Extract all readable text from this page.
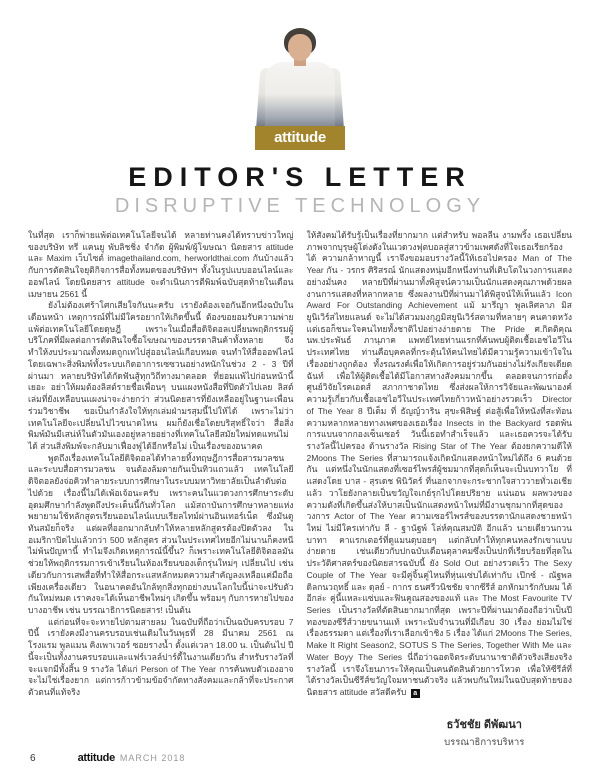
attitude
EDITOR'S LETTER
DISRUPTIVE TECHNOLOGY

ในที่สุด เราก็พ่ายแพ้ต่อเทคโนโลยีจนได้ หลายท่านคงได้ทราบข่าวใหญ่ของบริษัท ทรี แคนยู พับลิชชิ่ง จำกัด ผู้พิมพ์/ผู้โฆษณา นิตยสาร attitude และ Maxim เว็บไซต์ imagethailand.com, herworldthai.com กันบ้างแล้ว กับการตัดสินใจยุติกิจการสื่อทั้งหมดของบริษัทฯ ทั้งในรูปแบบออนไลน์และออฟไลน์ โดยนิตยสาร attitude จะดำเนินการตีพิมพ์ฉบับสุดท้ายในเดือนเมษายน 2561 นี้

ยังไม่ต้องเศร้าโศกเสียใจกันนะครับ เรายังต้องเจอกันอีกหนึ่งฉบับในเดือนหน้า เหตุการณ์ที่ไม่มีใครอยากให้เกิดขึ้นนี้ ต้องขอยอมรับความพ่ายแพ้ต่อเทคโนโลยีโดยดุษฎี เพราะในเมื่อสื่อดิจิตอลเปลี่ยนพฤติกรรมผู้บริโภคที่มีผลต่อการตัดสินใจซื้อโฆษณาของบรรดาสินค้าทั้งหลาย จึงทำให้งบประมาณทั้งหมดถูกเทไปสู่ออนไลน์เกือบหมด จนทำให้สื่อออฟไลน์ โดยเฉพาะสิ่งพิมพ์ทั้งระบบเกิดอาการเซซวนอย่างหนักในช่วง 2 - 3 ปีที่ผ่านมา หลายบริษัทได้กัดฟันสู้ทุกวิถีทางมาตลอด ที่ยอมแพ้ไปก่อนหน้านี้เยอะ อย่าให้ผมต้องลิสต์รายชื่อเพื่อนๆ บนแผงหนังสือที่ปิดตัวไปเลย ลิสต์เล่มที่ยังเหลือบนแผงน่าจะง่ายกว่า ส่วนนิตยสารที่ยังเหลืออยู่ในฐานะเพื่อนร่วมวิชาชีพ ขอเป็นกำลังใจให้ทุกเล่มฝ่ามรสุมนี้ไปให้ได้ เพราะไม่ว่าเทคโนโลยีจะเปลี่ยนไปไวขนาดไหน ผมก็ยังเชื่อโดยบริสุทธิ์ใจว่า สื่อสิ่งพิมพ์มันมีเสน่ห์ในตัวมันเองอยู่หลายอย่างที่เทคโนโลยีสมัยใหม่ทดแทนไม่ได้ ส่วนสิ่งพิมพ์จะกลับมาเฟื่องฟูได้อีกหรือไม่ เป็นเรื่องของอนาคต

พูดถึงเรื่องเทคโนโลยีดิจิตอลได้ทำลายทิ้งทฤษฎีการสื่อสารมวลชน และระบบสื่อสารมวลชน จนต้องล้มตายกันเป็นทิวแถวแล้ว เทคโนโลยีดิจิตอลยังจ่อคิวทำลายระบบการศึกษาในระบบมหาวิทยาลัยเป็นลำดับต่อไปด้วย เรื่องนี้ไม่ได้เพ้อเจ้อนะครับ เพราะคนในแวดวงการศึกษาระดับอุดมศึกษากำลังพูดถึงประเด็นนี้กันทั่วโลก แม้สถาบันการศึกษาหลายแห่งพยายามใช้หลักสูตรเรียนออนไลน์แบบเรียลไทม์ผ่านอินเทอร์เน็ต ซึ่งมันดูทันสมัยก็จริง แต่ผลที่ออกมากลับทำให้หลายหลักสูตรต้องปิดตัวลง ในอเมริกาปิดไปแล้วกว่า 500 หลักสูตร ส่วนในประเทศไทยอีกไม่นานก็คงหนีไม่พ้นปัญหานี้ ทำไมจึงเกิดเหตุการณ์นี้ขึ้น? ก็เพราะเทคโนโลยีดิจิตอลมันช่วยให้พฤติกรรมการเข้าเรียนในห้องเรียนของเด็กรุ่นใหม่ๆ เปลี่ยนไป เช่นเดียวกับการเสพสื่อที่ทำให้สื่อกระแสหลักหมดความสำคัญลงเหลือแค่มือถือเพียงเครื่องเดียว ในอนาคตอันใกล้ทุกสิ่งทุกอย่างบนโลกใบนี้น่าจะปรับตัวกันใหม่หมด เราคงจะได้เห็นอาชีพใหม่ๆ เกิดขึ้น พร้อมๆ กับการหายไปของบางอาชีพ เช่น บรรณาธิการนิตยสาร! เป็นต้น

แต่ก่อนที่จะจะหายไปตามสายลม ในฉบับที่ถือว่าเป็นฉบับครบรอบ 7 ปีนี้ เรายังคงมีงานครบรอบเช่นเดิมในวันพุธที่ 28 มีนาคม 2561 ณ โรงแรม พูลแมน คิงเพาเวอร์ ซอยรางน้ำ ตั้งแต่เวลา 18.00 น. เป็นต้นไป ปีนี้จะเป็นทั้งงานครบรอบและแฟร์เวลล์ปาร์ตี้ในงานเดียวกัน สำหรับรางวัลที่จะแจกมีทั้งสิ้น 9 รางวัล ได้แก่ Person of The Year การค้นพบตัวเองอาจจะไม่ใช่เรื่องยาก แต่การก้าวข้ามข้อจำกัดทางสังคมและกล้าที่จะประกาศตัวตนที่แท้จริง

ให้สังคมได้รับรู้เป็นเรื่องที่ยากมาก แต่สำหรับ พอลลีน งามพริ้ง เธอเปลี่ยนภาพจากบุรุษผู้โด่งดังในแวดวงฟุตบอลสู่สาวข้ามเพศดังที่ใจเธอเรียกร้องได้ ความกล้าหาญนี้ เราจึงขอมอบรางวัลนี้ให้เธอไปครอง Man of The Year กัน - วรกร ศิริสรณ์ นักแสดงหนุ่มอีกหนึ่งท่านที่เติบโตในวงการแสดงอย่างมั่นคง หลายปีที่ผ่านมาทั้งพิสูจน์ความเป็นนักแสดงคุณภาพด้วยผลงานการแสดงที่หลากหลาย ซึ่งผลงานปีที่ผ่านมาได้พิสูจน์ให้เห็นแล้ว Icon Award For Outstanding Achievement แม้ มารีญา พูลเลิศลาภ มิส ยูนิเวิร์สไทยแลนด์ จะไม่ได้สวมมงกุฎมิสยูนิเวิร์สตามที่หลายๆ คนคาดหวัง แต่เธอก็ชนะใจคนไทยทั้งชาติไปอย่างง่ายดาย The Pride ศ.กิตติคุณ นพ.ประพันธ์ ภานุภาค แพทย์ไทยท่านแรกที่ค้นพบผู้ติดเชื้อเอชไอวีในประเทศไทย ท่านคือบุคคลที่กระตุ้นให้คนไทยได้มีความรู้ความเข้าใจในเรื่องอย่างถูกต้อง ทั้งรณรงค์เพื่อให้เกิดการอยู่ร่วมกันอย่างไม่รังเกียจเดียดฉันท์ เพื่อให้ผู้ติดเชื้อได้มีโอกาสทางสังคมมากขึ้น ตลอดจนการก่อตั้งศูนย์วิจัยโรคเอดส์ สภากาชาดไทย ซึ่งส่งผลให้การวิจัยและพัฒนาองค์ความรู้เกี่ยวกับเชื้อเอชไอวีในประเทศไทยก้าวหน้าอย่างรวดเร็ว Director of The Year 8 ปีเต็ม ที่ ธัญญ์วาริน สุขะพิสิษฐ์ ต่อสู้เพื่อให้หนังที่สะท้อนความหลากหลายทางเพศของเธอเรื่อง Insects in the Backyard รอดพ้นการแบนจากกองเซ็นเซอร์ วันนี้เธอทำสำเร็จแล้ว และเธอควรจะได้รับรางวัลนี้ไปครอง ด้านรางวัล Rising Star of The Year ต้องยกความดีให้ 2Moons The Series ที่สามารถแจ้งเกิดนักแสดงหน้าใหม่ได้ถึง 6 คนด้วยกัน แต่หนึ่งในนักแสดงที่เซอร์ไพรส์ผู้ชมมากที่สุดก็เห็นจะเป็นบทวาโย ที่แสดงโดย บาส - สุรเดช พินิวัตร์ ที่นอกจากจะกระชากใจสาววายทั่วเอเชียแล้ว วาโยยังกลายเป็นขวัญใจเกย์รุกไปโดยปริยาย แน่นอน ผลพวงของความดังที่เกิดขึ้นส่งให้บาสเป็นนักแสดงหน้าใหม่ที่มีงานชุกมากที่สุดของวงการ Actor of The Year ความเซอร์ไพรส์ของบรรดานักแสดงชายหน้าใหม่ ไม่มีใครเท่ากับ ลี - ฐานัฐพ์ โล่ห์คุณสมบัติ อีกแล้ว นายเดียวนกวนบาทา คาแรกเตอร์ที่ดูแมนดุบอยๆ แต่กลับทำให้ทุกคนหลงรักเขาแบบง่ายดาย เช่นเดียวกับปกฉบับเดือนตุลาคมซึ่งเป็นปกที่เรียบร้อยที่สุดในประวัติศาสตร์ของนิตยสารฉบับนี้ ยัง Sold Out อย่างรวดเร็ว The Sexy Couple of The Year จะมีคู่จิ้นคู่ไหนที่หุ่นแซ่บได้เท่ากับ เป๊กซ์ - ณัฐพล ดิลกนวฤทธิ์ และ ดุลย์ - กากร ธนศรีวนิชชัย จากซีรีส์ อกหักมารักกับผม ได้อีกล่ะ คู่นี้แหละแซ่บและฟินคูณสองของแท้ และ The Most Favourite TV Series เป็นรางวัลที่ตัดสินยากมากที่สุด เพราะปีที่ผ่านมาต้องถือว่าเป็นปีทองของซีรีส์วายขนานแท้ เพราะนับจำนวนที่มีเกือบ 30 เรื่อง ย่อมไม่ใช่เรื่องธรรมดา แต่เรื่องที่เราเลือกเข้าชิง 5 เรื่อง ได้แก่ 2Moons The Series, Make It Right Season2, SOTUS S The Series, Together With Me และ Water Boyy The Series นี่ถือว่าฉอดจิตระดับนานาชาติตัวจริงเสียงจริง รางวัลนี้ เราจึงโยนภาระให้คุณเป็นคนตัดสินด้วยการโหวต เพื่อให้ซีรีส์ที่ได้รางวัลเป็นซีรีส์ขวัญใจมหาชนตัวจริง แล้วพบกันใหม่ในฉบับสุดท้ายของนิตยสาร attitude สวัสดีครับ a

ธวัชชัย ดีพัฒนา
บรรณาธิการบริหาร
6	attitude MARCH 2018
